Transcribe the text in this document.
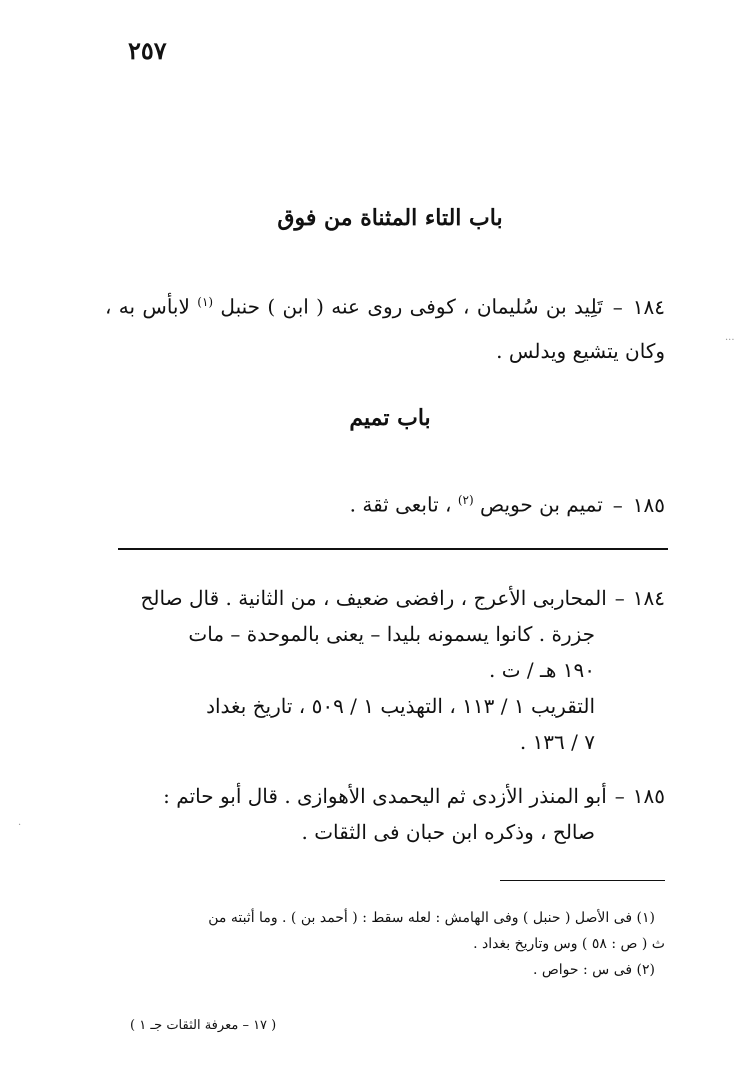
٢٥٧
باب التاء المثناة من فوق
١٨٤–تَلِيد بن سُليمان ، كوفى روى عنه ( ابن ) حنبل $^{(١)}$ لابأس به ، وكان يتشيع ويدلس .
باب تميم
١٨٥–تميم بن حويص $^{(٢)}$ ، تابعى ثقة .
١٨٤–المحاربى الأعرج ، رافضى ضعيف ، من الثانية . قال صالح
جزرة . كانوا يسمونه بليدا – يعنى بالموحدة – مات
١٩٠ هـ / ت .
التقريب ١ / ١١٣ ، التهذيب ١ / ٥٠٩ ، تاريخ بغداد
٧ / ١٣٦ .
١٨٥–أبو المنذر الأزدى ثم اليحمدى الأهوازى . قال أبو حاتم :
صالح ، وذكره ابن حبان فى الثقات .
(١) فى الأصل ( حنبل ) وفى الهامش : لعله سقط : ( أحمد بن ) . وما أثبته من
ث ( ص : ٥٨ ) وس وتاريخ بغداد .
(٢) فى س : حواص .
( ١٧ – معرفة الثقات جـ ١ )
···
·
